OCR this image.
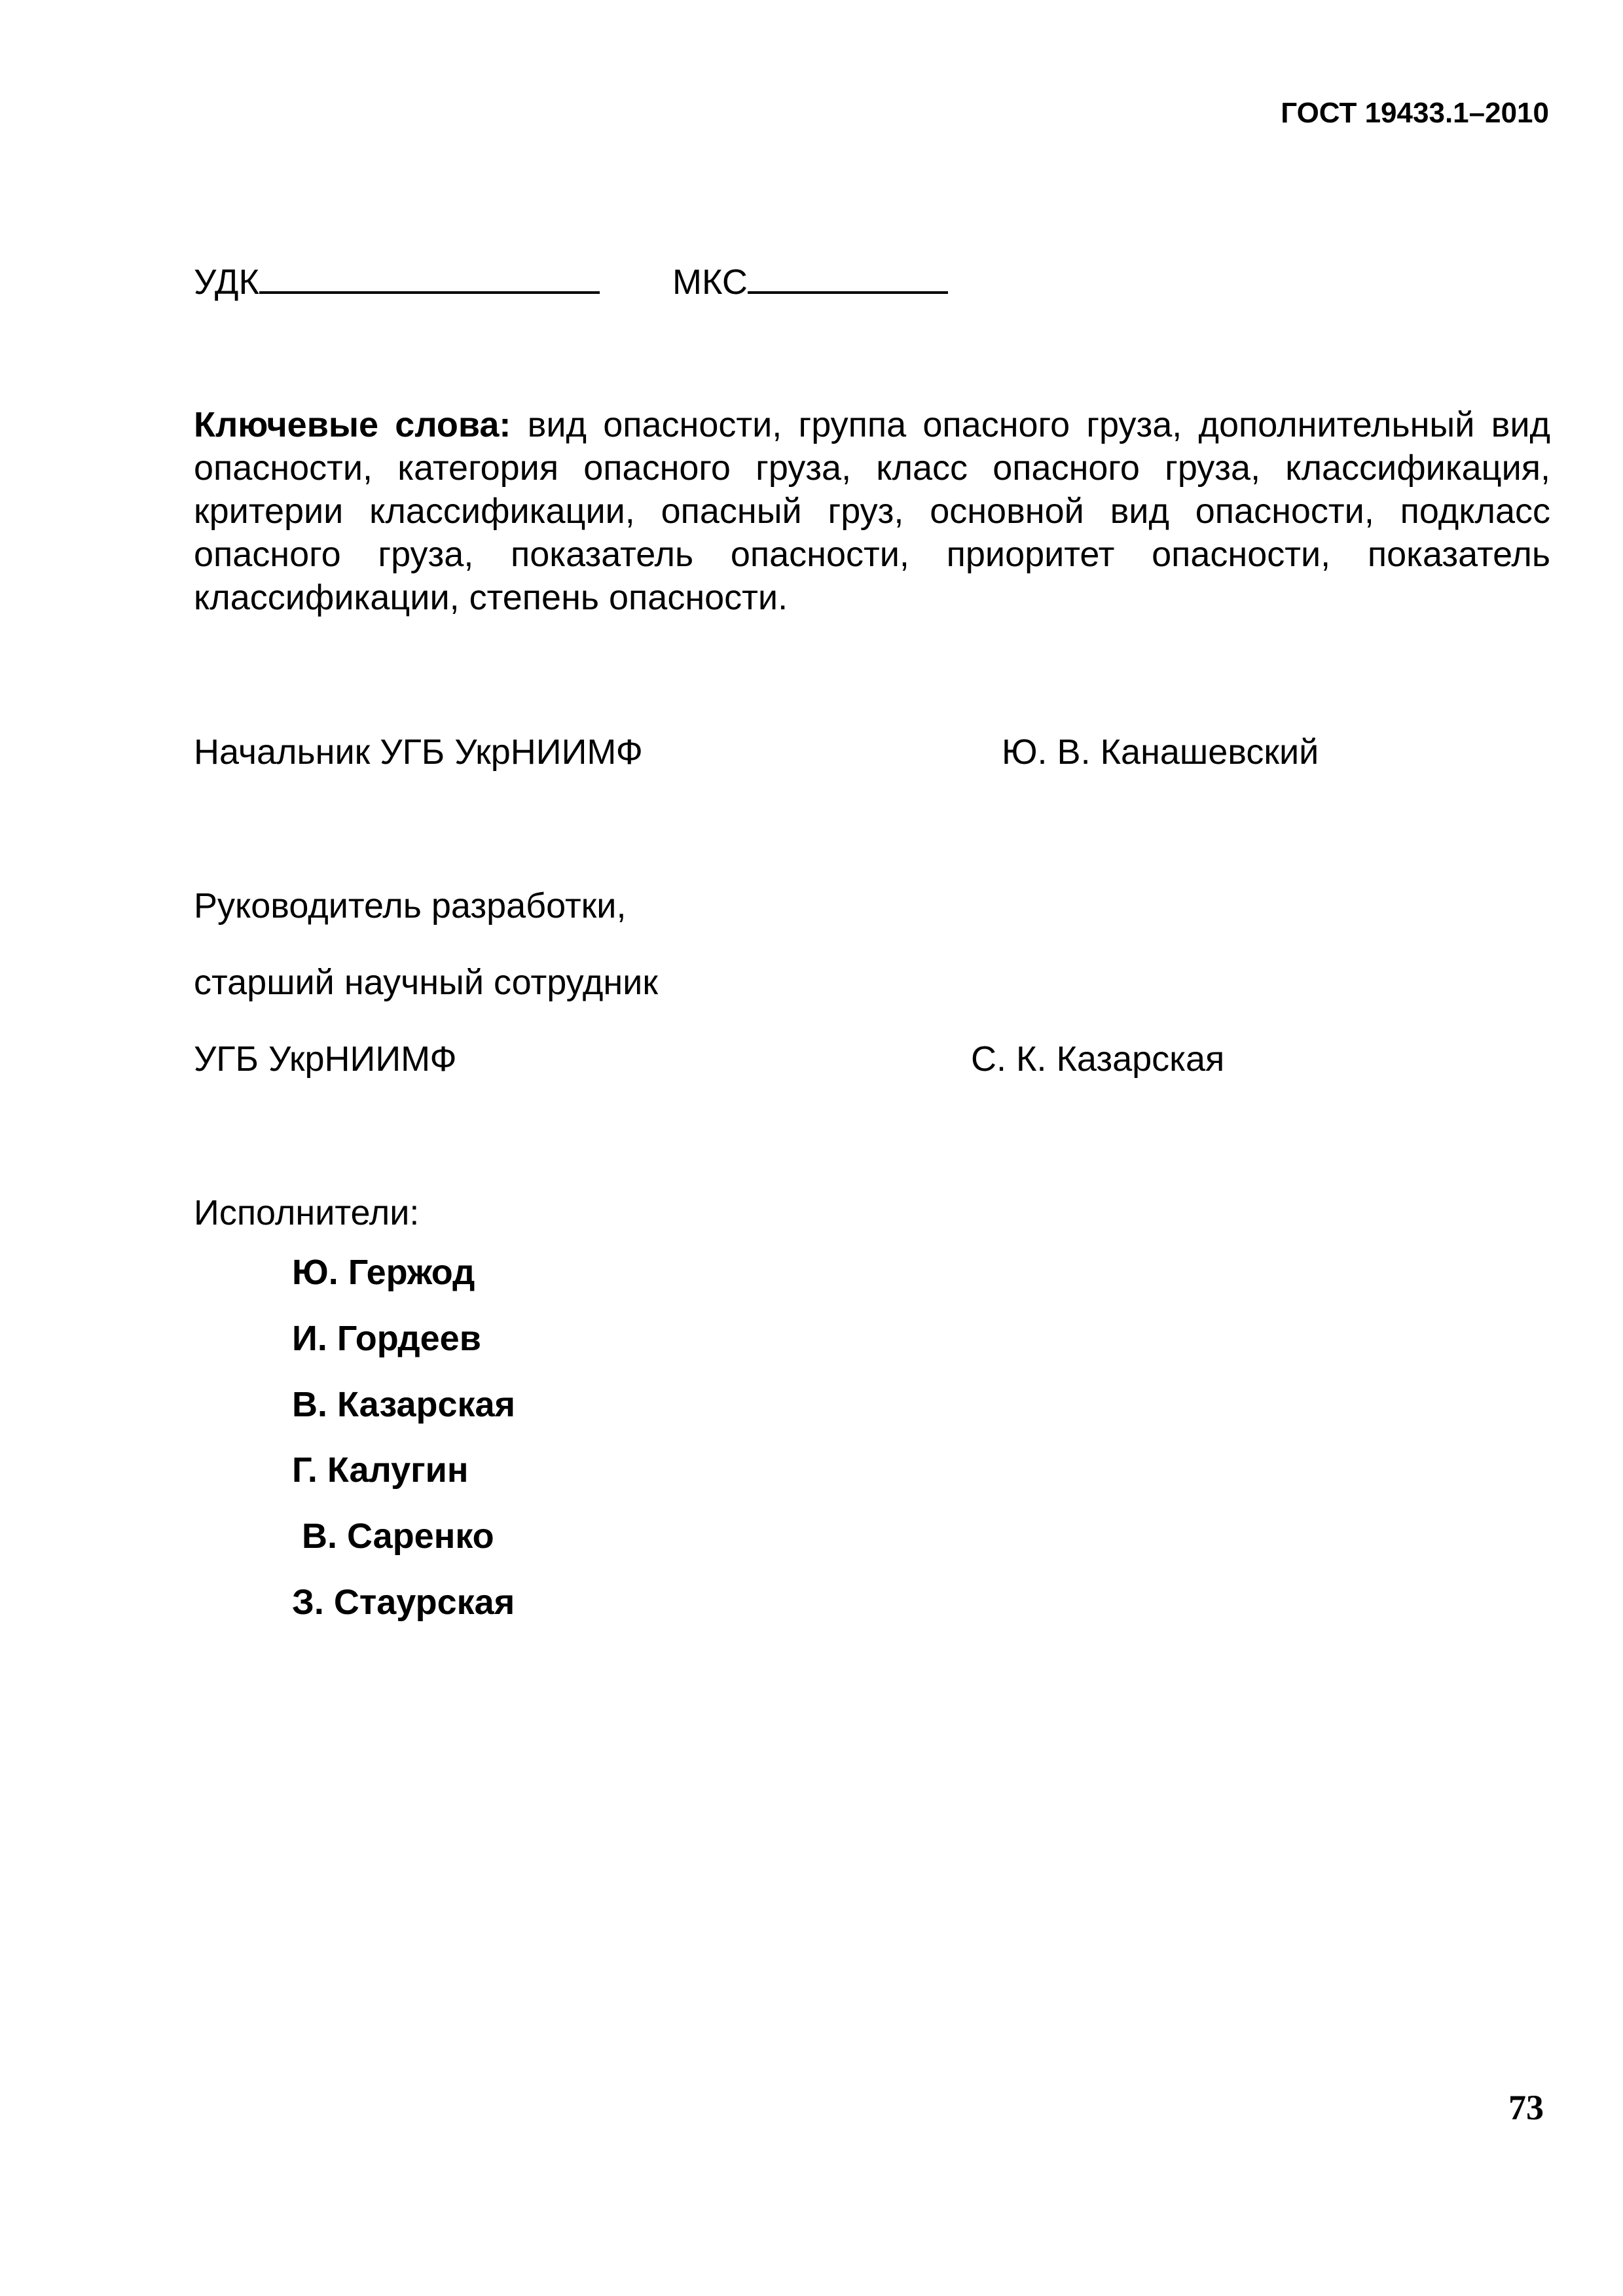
ГОСТ 19433.1–2010
УДК	МКС
Ключевые слова: вид опасности, группа опасного груза, дополнительный вид опасности, категория опасного груза, класс опасного груза, классификация, критерии классификации, опасный груз, основной вид опасности, подкласс опасного груза, показатель опасности, приоритет опасности, показатель классификации, степень опасности.
Начальник УГБ УкрНИИМФ	Ю. В. Канашевский
Руководитель разработки,
старший научный сотрудник
УГБ УкрНИИМФ	С. К. Казарская
Исполнители:
Ю. Гержод
И. Гордеев
В. Казарская
Г. Калугин
В. Саренко
З. Стаурская
73
